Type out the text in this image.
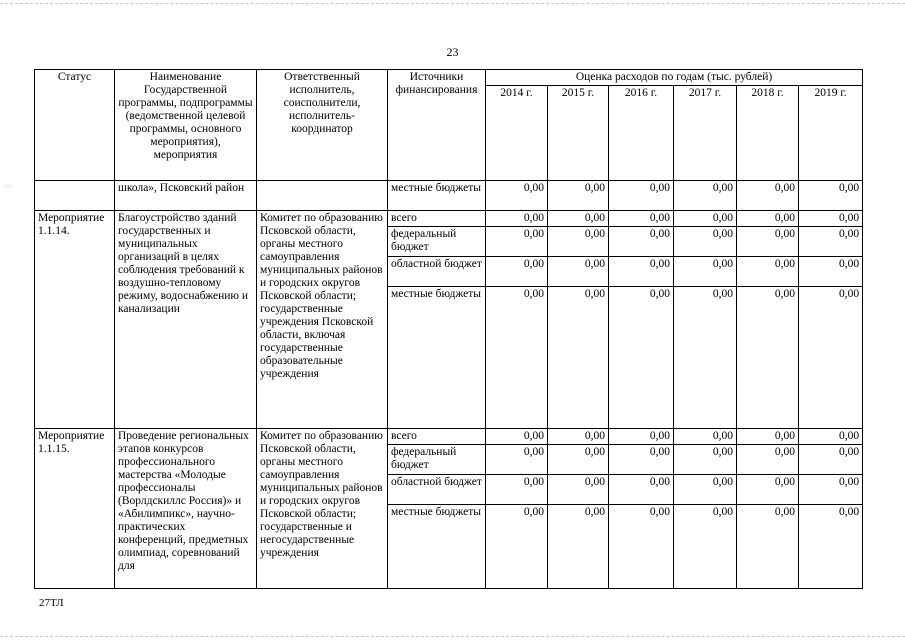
··
23
Статус	Наименование Государственной программы, подпрограммы (ведомственной целевой программы, основного мероприятия), мероприятия	Ответственный исполнитель, соисполнители, исполнитель-координатор	Источники финансирования	Оценка расходов по годам (тыс. рублей)					
				2014 г.	2015 г.	2016 г.	2017 г.	2018 г.	2019 г.
	школа», Псковский район		местные бюджеты	0,00	0,00	0,00	0,00	0,00	0,00
Мероприятие 1.1.14.	Благоустройство зданий государственных и муниципальных организаций в целях соблюдения требований к воздушно-тепловому режиму, водоснабжению и канализации	Комитет по образованию Псковской области, органы местного самоуправления муниципальных районов и городских округов Псковской области; государственные учреждения Псковской области, включая государственные образовательные учреждения	всего	0,00	0,00	0,00	0,00	0,00	0,00
			федеральный бюджет	0,00	0,00	0,00	0,00	0,00	0,00
			областной бюджет	0,00	0,00	0,00	0,00	0,00	0,00
			местные бюджеты	0,00	0,00	0,00	0,00	0,00	0,00
Мероприятие 1.1.15.	Проведение региональных этапов конкурсов профессионального мастерства «Молодые профессионалы (Ворлдскиллс Россия)» и «Абилимпикс», научно-практических конференций, предметных олимпиад, соревнований для	Комитет по образованию Псковской области, органы местного самоуправления муниципальных районов и городских округов Псковской области; государственные и негосударственные учреждения	всего	0,00	0,00	0,00	0,00	0,00	0,00
			федеральный бюджет	0,00	0,00	0,00	0,00	0,00	0,00
			областной бюджет	0,00	0,00	0,00	0,00	0,00	0,00
			местные бюджеты	0,00	0,00	0,00	0,00	0,00	0,00
27ТЛ
